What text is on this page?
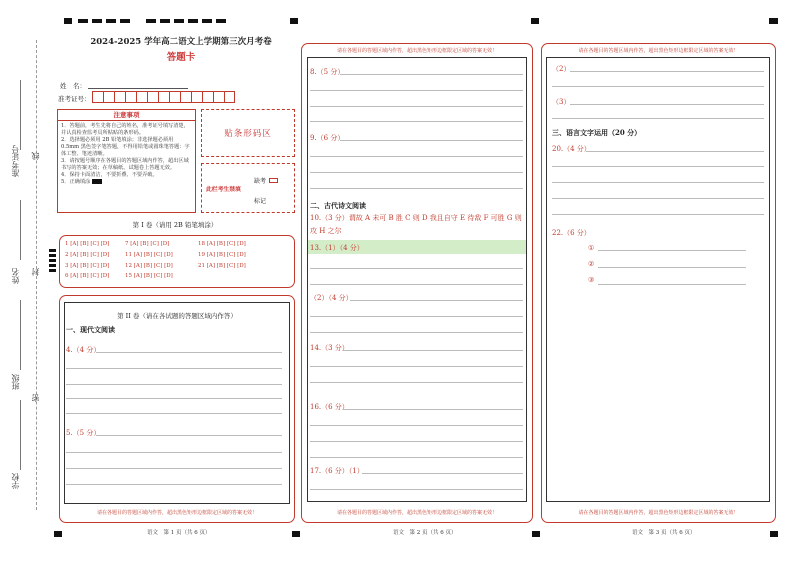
准考证号
姓名
班级
学校
线
封
密
2024-2025 学年高二语文上学期第三次月考卷
答题卡
姓　名：
准考证号：
注意事项
1．答题前，考生先将自己的姓名，准考证号填写清楚，并认真检查监考员所粘贴的条形码。
2．选择题必须用 2B 铅笔填涂；非选择题必须用 0.5mm 黑色签字笔答题，不得用铅笔或圆珠笔答题：字体工整、笔迹清晰。
3．请按题号顺序在各题目的答题区域内作答，超出区域书写的答案无效；在草稿纸、试题卷上答题无效。
4．保持卡面清洁，不要折叠、不要弄破。
5．正确填涂
贴条形码区
此栏考生禁填
缺考
标记
第 I 卷（请用 2B 铅笔填涂）
1 [A] [B] [C] [D]
2 [A] [B] [C] [D]
3 [A] [B] [C] [D]
6 [A] [B] [C] [D]
7 [A] [B] [C] [D]
11 [A] [B] [C] [D]
12 [A] [B] [C] [D]
15 [A] [B] [C] [D]
18 [A] [B] [C] [D]
19 [A] [B] [C] [D]
21 [A] [B] [C] [D]
第 II 卷（请在各试题的答题区域内作答）
一、现代文阅读
4.（4 分）
5.（5 分）
请在各题目的答题区域内作答，超出黑色矩形边框限定区域的答案无效！
语文　第 1 页（共 6 页）
请在各题目的答题区域内作答，超出黑色矩形边框限定区域的答案无效！
8.（5 分）
9.（6 分）
二、古代诗文阅读
10.（3 分）谓故 A 未可 B 胜 C 则 D 我且自守 E 待敌 F 可胜 G 则攻 H 之尔
13.（1）（4 分）
（2）（4 分）
14.（3 分）
16.（6 分）
17.（6 分）（1）
请在各题目的答题区域内作答，超出黑色矩形边框限定区域的答案无效！
语文　第 2 页（共 6 页）
请在各题目的答题区域内作答，超出黑色矩形边框限定区域的答案无效！
（2）
（3）
三、语言文字运用（20 分）
20.（4 分）
22.（6 分）
①
②
③
请在各题目的答题区域内作答，超出黑色矩形边框限定区域的答案无效！
语文　第 3 页（共 6 页）
